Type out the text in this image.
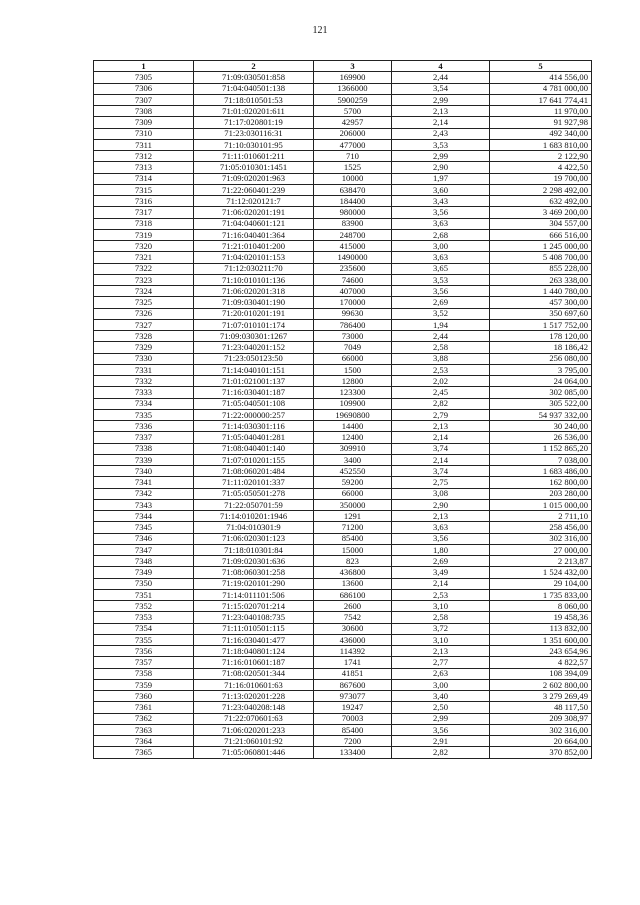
121
1	2	3	4	5
7305	71:09:030501:858	169900	2,44	414 556,00
7306	71:04:040501:138	1366000	3,54	4 781 000,00
7307	71:18:010501:53	5900259	2,99	17 641 774,41
7308	71:01:020201:611	5700	2,13	11 970,00
7309	71:17:020801:19	42957	2,14	91 927,98
7310	71:23:030116:31	206000	2,43	492 340,00
7311	71:10:030101:95	477000	3,53	1 683 810,00
7312	71:11:010601:211	710	2,99	2 122,90
7313	71:05:010301:1451	1525	2,90	4 422,50
7314	71:09:020201:963	10000	1,97	19 700,00
7315	71:22:060401:239	638470	3,60	2 298 492,00
7316	71:12:020121:7	184400	3,43	632 492,00
7317	71:06:020201:191	980000	3,56	3 469 200,00
7318	71:04:040601:121	83900	3,63	304 557,00
7319	71:16:040401:364	248700	2,68	666 516,00
7320	71:21:010401:200	415000	3,00	1 245 000,00
7321	71:04:020101:153	1490000	3,63	5 408 700,00
7322	71:12:030211:70	235600	3,65	855 228,00
7323	71:10:010101:136	74600	3,53	263 338,00
7324	71:06:020201:318	407000	3,56	1 440 780,00
7325	71:09:030401:190	170000	2,69	457 300,00
7326	71:20:010201:191	99630	3,52	350 697,60
7327	71:07:010101:174	786400	1,94	1 517 752,00
7328	71:09:030301:1267	73000	2,44	178 120,00
7329	71:23:040201:152	7049	2,58	18 186,42
7330	71:23:050123:50	66000	3,88	256 080,00
7331	71:14:040101:151	1500	2,53	3 795,00
7332	71:01:021001:137	12800	2,02	24 064,00
7333	71:16:030401:187	123300	2,45	302 085,00
7334	71:05:040501:108	109900	2,82	305 522,00
7335	71:22:000000:257	19690800	2,79	54 937 332,00
7336	71:14:030301:116	14400	2,13	30 240,00
7337	71:05:040401:281	12400	2,14	26 536,00
7338	71:08:040401:140	309910	3,74	1 152 865,20
7339	71:07:010201:155	3400	2,14	7 038,00
7340	71:08:060201:484	452550	3,74	1 683 486,00
7341	71:11:020101:337	59200	2,75	162 800,00
7342	71:05:050501:278	66000	3,08	203 280,00
7343	71:22:050701:59	350000	2,90	1 015 000,00
7344	71:14:010201:1946	1291	2,13	2 711,10
7345	71:04:010301:9	71200	3,63	258 456,00
7346	71:06:020301:123	85400	3,56	302 316,00
7347	71:18:010301:84	15000	1,80	27 000,00
7348	71:09:020301:636	823	2,69	2 213,87
7349	71:08:060301:258	436800	3,49	1 524 432,00
7350	71:19:020101:290	13600	2,14	29 104,00
7351	71:14:011101:506	686100	2,53	1 735 833,00
7352	71:15:020701:214	2600	3,10	8 060,00
7353	71:23:040108:735	7542	2,58	19 458,36
7354	71:11:010501:115	30600	3,72	113 832,00
7355	71:16:030401:477	436000	3,10	1 351 600,00
7356	71:18:040801:124	114392	2,13	243 654,96
7357	71:16:010601:187	1741	2,77	4 822,57
7358	71:08:020501:344	41851	2,63	108 394,09
7359	71:16:010601:63	867600	3,00	2 602 800,00
7360	71:13:020201:228	973077	3,40	3 279 269,49
7361	71:23:040208:148	19247	2,50	48 117,50
7362	71:22:070601:63	70003	2,99	209 308,97
7363	71:06:020201:233	85400	3,56	302 316,00
7364	71:21:060101:92	7200	2,91	20 664,00
7365	71:05:060801:446	133400	2,82	370 852,00
